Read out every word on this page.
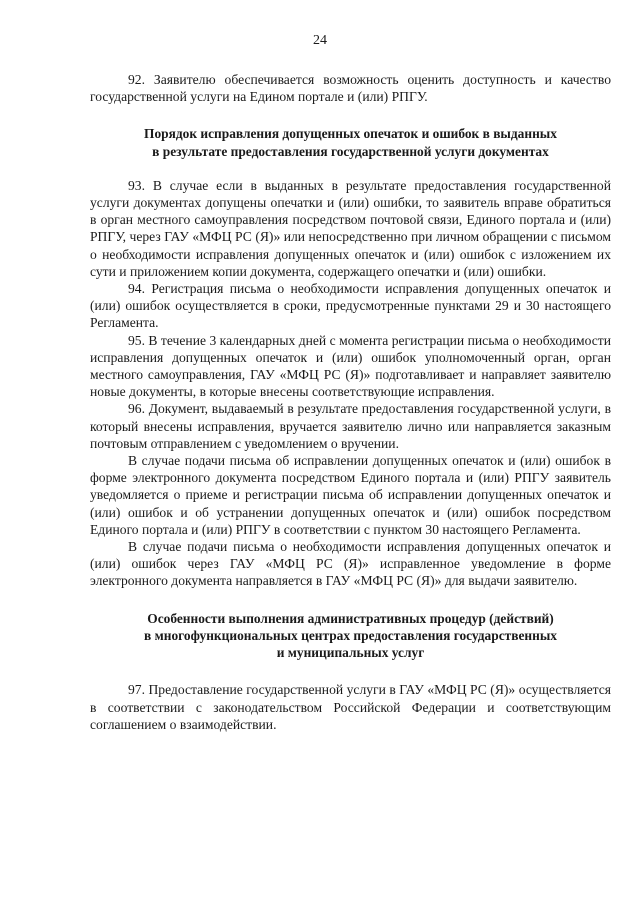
24

92. Заявителю обеспечивается возможность оценить доступность и качество государственной услуги на Едином портале и (или) РПГУ.

Порядок исправления допущенных опечаток и ошибок в выданных
в результате предоставления государственной услуги документах

93. В случае если в выданных в результате предоставления государственной услуги документах допущены опечатки и (или) ошибки, то заявитель вправе обратиться в орган местного самоуправления посредством почтовой связи, Единого портала и (или) РПГУ, через ГАУ «МФЦ РС (Я)» или непосредственно при личном обращении с письмом о необходимости исправления допущенных опечаток и (или) ошибок с изложением их сути и приложением копии документа, содержащего опечатки и (или) ошибки.

94. Регистрация письма о необходимости исправления допущенных опечаток и (или) ошибок осуществляется в сроки, предусмотренные пунктами 29 и 30 настоящего Регламента.

95. В течение 3 календарных дней с момента регистрации письма о необходимости исправления допущенных опечаток и (или) ошибок уполномоченный орган, орган местного самоуправления, ГАУ «МФЦ РС (Я)» подготавливает и направляет заявителю новые документы, в которые внесены соответствующие исправления.

96. Документ, выдаваемый в результате предоставления государственной услуги, в который внесены исправления, вручается заявителю лично или направляется заказным почтовым отправлением с уведомлением о вручении.

В случае подачи письма об исправлении допущенных опечаток и (или) ошибок в форме электронного документа посредством Единого портала и (или) РПГУ заявитель уведомляется о приеме и регистрации письма об исправлении допущенных опечаток и (или) ошибок и об устранении допущенных опечаток и (или) ошибок посредством Единого портала и (или) РПГУ в соответствии с пунктом 30 настоящего Регламента.

В случае подачи письма о необходимости исправления допущенных опечаток и (или) ошибок через ГАУ «МФЦ РС (Я)» исправленное уведомление в форме электронного документа направляется в ГАУ «МФЦ РС (Я)» для выдачи заявителю.

Особенности выполнения административных процедур (действий)
в многофункциональных центрах предоставления государственных
и муниципальных услуг

97. Предоставление государственной услуги в ГАУ «МФЦ РС (Я)» осуществляется в соответствии с законодательством Российской Федерации и соответствующим соглашением о взаимодействии.
